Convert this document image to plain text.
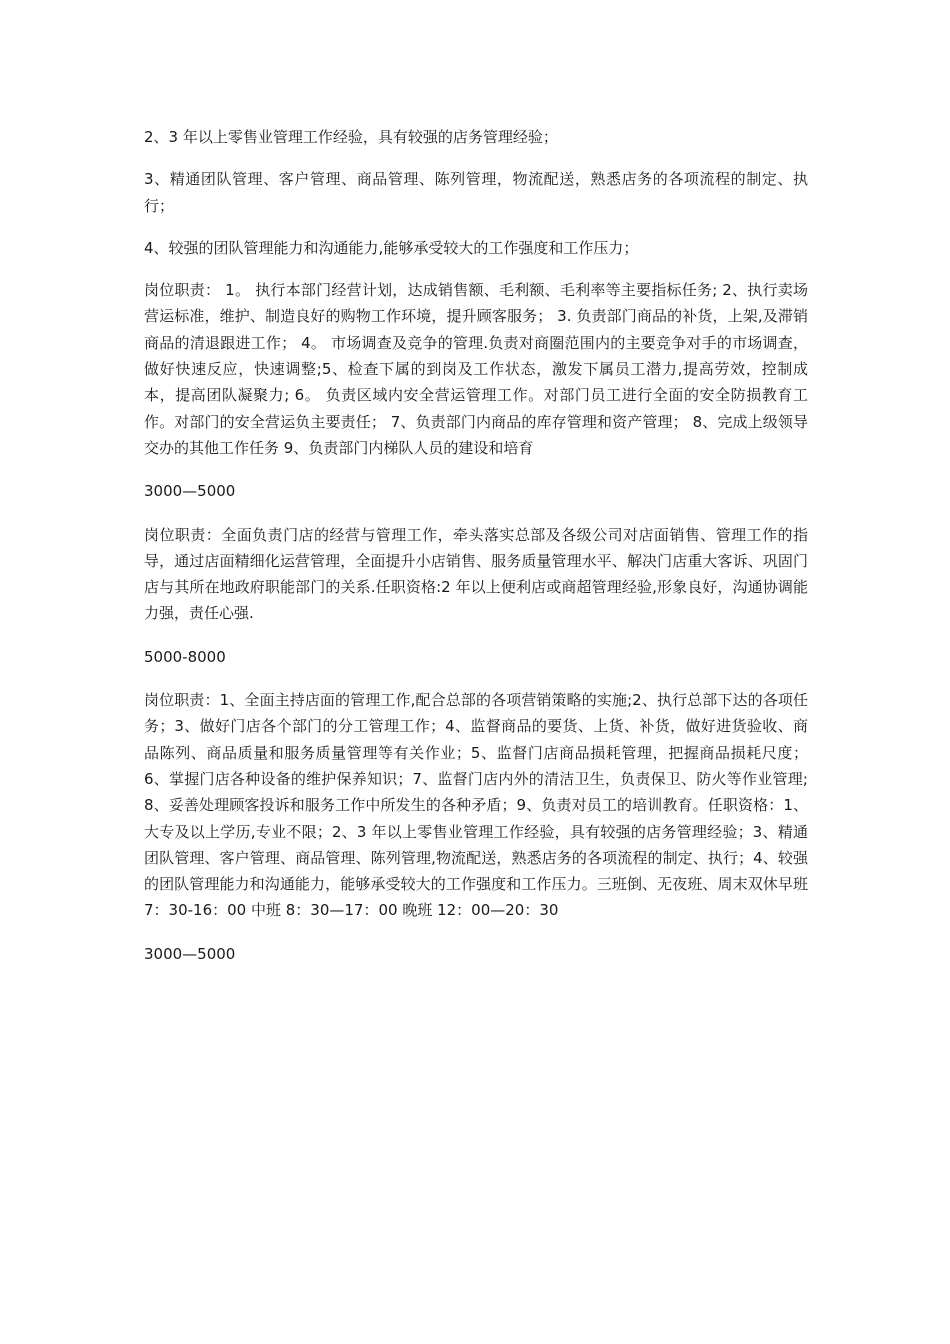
2、3 年以上零售业管理工作经验，具有较强的店务管理经验；

3、精通团队管理、客户管理、商品管理、陈列管理，物流配送，熟悉店务的各项流程的制定、执行；

4、较强的团队管理能力和沟通能力,能够承受较大的工作强度和工作压力；

岗位职责： 1。 执行本部门经营计划，达成销售额、毛利额、毛利率等主要指标任务; 2、执行卖场营运标准，维护、制造良好的购物工作环境，提升顾客服务； 3. 负责部门商品的补货，上架,及滞销商品的清退跟进工作； 4。 市场调查及竞争的管理.负责对商圈范围内的主要竞争对手的市场调查，做好快速反应，快速调整;5、检查下属的到岗及工作状态，激发下属员工潜力,提高劳效，控制成本，提高团队凝聚力; 6。 负责区域内安全营运管理工作。对部门员工进行全面的安全防损教育工作。对部门的安全营运负主要责任； 7、负责部门内商品的库存管理和资产管理； 8、完成上级领导交办的其他工作任务 9、负责部门内梯队人员的建设和培育

3000—5000

岗位职责：全面负责门店的经营与管理工作，牵头落实总部及各级公司对店面销售、管理工作的指导，通过店面精细化运营管理，全面提升小店销售、服务质量管理水平、解决门店重大客诉、巩固门店与其所在地政府职能部门的关系.任职资格:2 年以上便利店或商超管理经验,形象良好，沟通协调能力强，责任心强.

5000-8000

岗位职责：1、全面主持店面的管理工作,配合总部的各项营销策略的实施;2、执行总部下达的各项任务；3、做好门店各个部门的分工管理工作；4、监督商品的要货、上货、补货，做好进货验收、商品陈列、商品质量和服务质量管理等有关作业；5、监督门店商品损耗管理，把握商品损耗尺度；6、掌握门店各种设备的维护保养知识；7、监督门店内外的清洁卫生，负责保卫、防火等作业管理;8、妥善处理顾客投诉和服务工作中所发生的各种矛盾；9、负责对员工的培训教育。任职资格：1、大专及以上学历,专业不限；2、3 年以上零售业管理工作经验，具有较强的店务管理经验；3、精通团队管理、客户管理、商品管理、陈列管理,物流配送，熟悉店务的各项流程的制定、执行；4、较强的团队管理能力和沟通能力，能够承受较大的工作强度和工作压力。三班倒、无夜班、周末双休早班 7：30-16：00 中班 8：30—17：00 晚班 12：00—20：30

3000—5000
